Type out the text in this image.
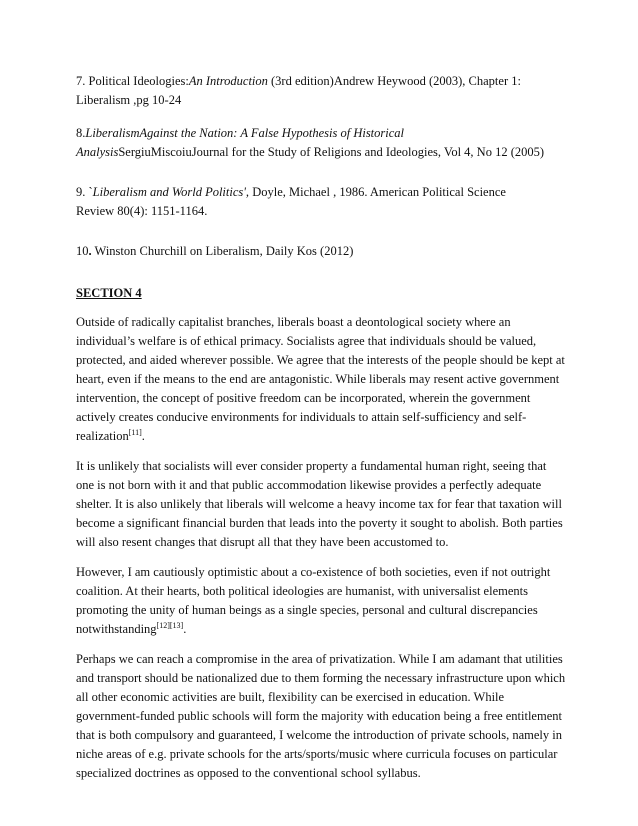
7. Political Ideologies:An Introduction (3rd edition)Andrew Heywood (2003), Chapter 1: Liberalism ,pg 10-24

8.LiberalismAgainst the Nation: A False Hypothesis of Historical AnalysisSergiuMiscoiuJournal for the Study of Religions and Ideologies, Vol 4, No 12 (2005)

9. `Liberalism and World Politics', Doyle, Michael , 1986. American Political Science Review 80(4): 1151-1164.

10. Winston Churchill on Liberalism, Daily Kos (2012)

SECTION 4

Outside of radically capitalist branches, liberals boast a deontological society where an individual’s welfare is of ethical primacy. Socialists agree that individuals should be valued, protected, and aided wherever possible. We agree that the interests of the people should be kept at heart, even if the means to the end are antagonistic. While liberals may resent active government intervention, the concept of positive freedom can be incorporated, wherein the government actively creates conducive environments for individuals to attain self-sufficiency and self-realization[11].

It is unlikely that socialists will ever consider property a fundamental human right, seeing that one is not born with it and that public accommodation likewise provides a perfectly adequate shelter. It is also unlikely that liberals will welcome a heavy income tax for fear that taxation will become a significant financial burden that leads into the poverty it sought to abolish. Both parties will also resent changes that disrupt all that they have been accustomed to.

However, I am cautiously optimistic about a co-existence of both societies, even if not outright coalition. At their hearts, both political ideologies are humanist, with universalist elements promoting the unity of human beings as a single species, personal and cultural discrepancies notwithstanding[12][13].

Perhaps we can reach a compromise in the area of privatization. While I am adamant that utilities and transport should be nationalized due to them forming the necessary infrastructure upon which all other economic activities are built, flexibility can be exercised in education. While government-funded public schools will form the majority with education being a free entitlement that is both compulsory and guaranteed, I welcome the introduction of private schools, namely in niche areas of e.g. private schools for the arts/sports/music where curricula focuses on particular specialized doctrines as opposed to the conventional school syllabus.
